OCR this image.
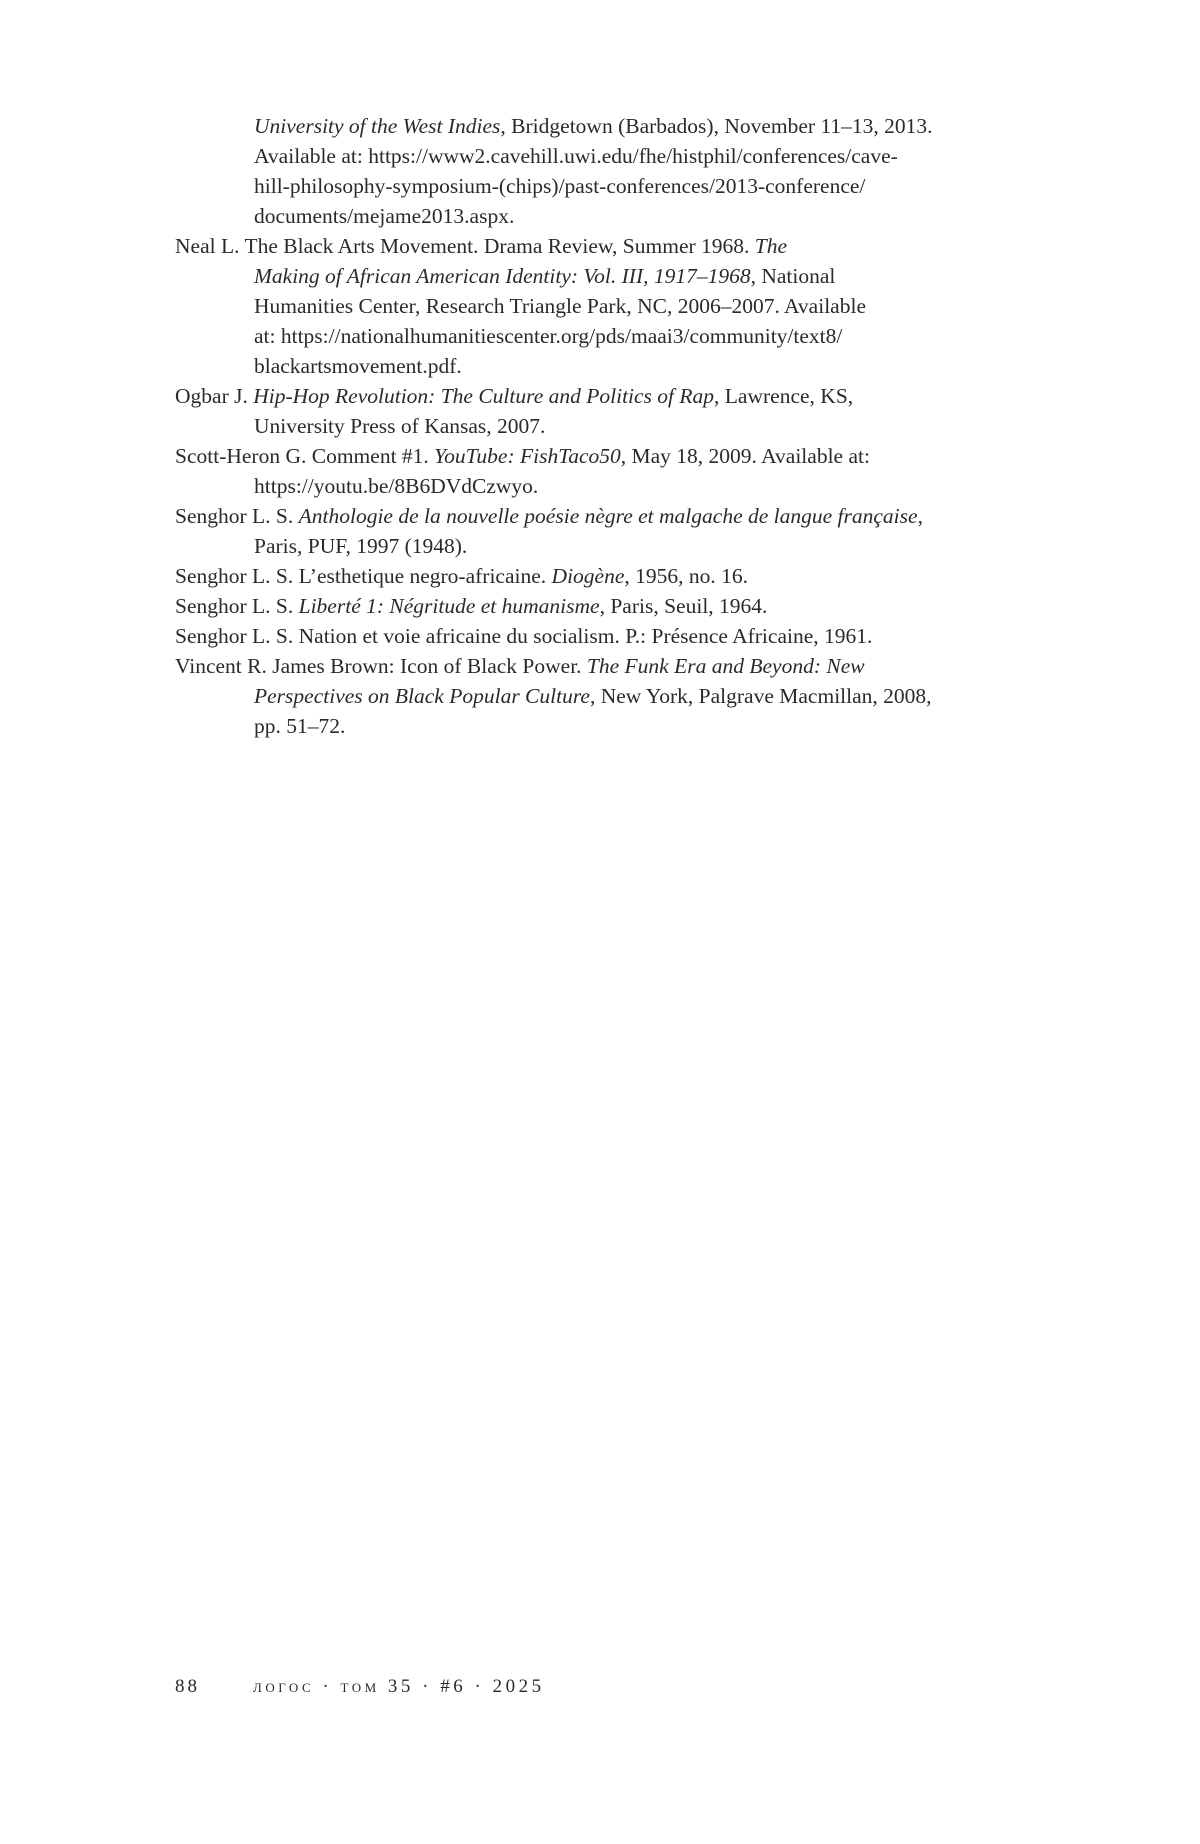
University of the West Indies, Bridgetown (Barbados), November 11–13, 2013.
Available at: https://www2.cavehill.uwi.edu/fhe/histphil/conferences/cave-
hill-philosophy-symposium-(chips)/past-conferences/2013-conference/
documents/mejame2013.aspx.
Neal L. The Black Arts Movement. Drama Review, Summer 1968. The
Making of African American Identity: Vol. III, 1917–1968, National
Humanities Center, Research Triangle Park, NC, 2006–2007. Available
at: https://nationalhumanitiescenter.org/pds/maai3/community/text8/
blackartsmovement.pdf.
Ogbar J. Hip-Hop Revolution: The Culture and Politics of Rap, Lawrence, KS,
University Press of Kansas, 2007.
Scott-Heron G. Comment #1. YouTube: FishTaco50, May 18, 2009. Available at:
https://youtu.be/8B6DVdCzwyo.
Senghor L. S. Anthologie de la nouvelle poésie nègre et malgache de langue française,
Paris, PUF, 1997 (1948).
Senghor L. S. L’esthetique negro-africaine. Diogène, 1956, no. 16.
Senghor L. S. Liberté 1: Négritude et humanisme, Paris, Seuil, 1964.
Senghor L. S. Nation et voie africaine du socialism. P.: Présence Africaine, 1961.
Vincent R. James Brown: Icon of Black Power. The Funk Era and Beyond: New
Perspectives on Black Popular Culture, New York, Palgrave Macmillan, 2008,
pp. 51–72.
88	логос · том 35 · #6 · 2025
